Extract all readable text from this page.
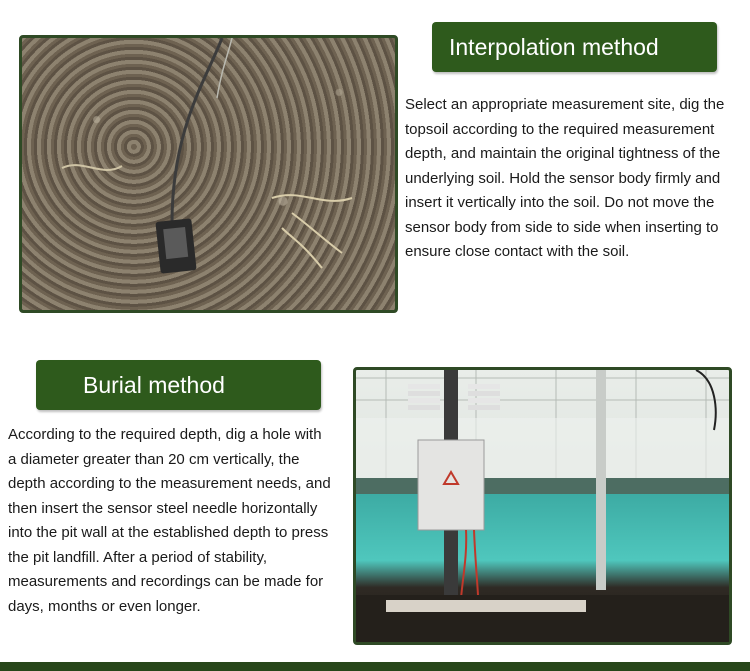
Interpolation method

Select an appropriate measurement site, dig the
topsoil according to the required measurement
depth, and maintain the original tightness of the
underlying soil. Hold the sensor body firmly and
insert it vertically into the soil. Do not move the
sensor body from side to side when inserting to
ensure close contact with the soil.

Burial method

According to the required depth, dig a hole with
a diameter greater than 20 cm vertically, the
depth according to the measurement needs, and
then insert the sensor steel needle horizontally
into the pit wall at the established depth to press
the pit landfill. After a period of stability,
measurements and recordings can be made for
days, months or even longer.
